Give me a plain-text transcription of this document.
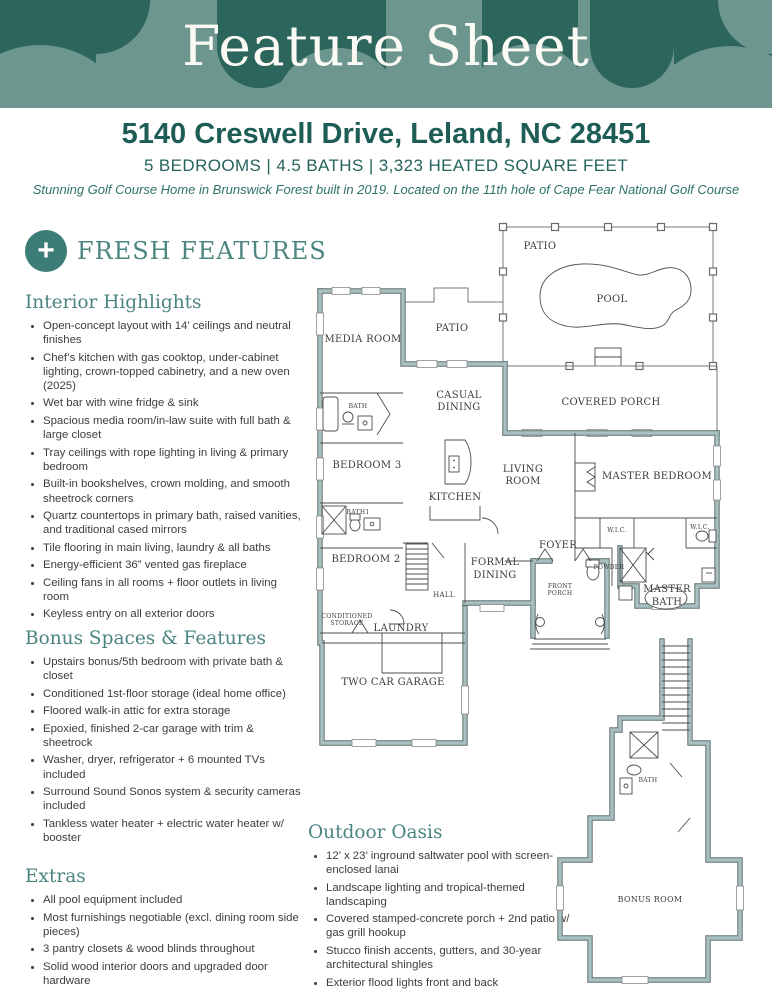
Feature Sheet
5140 Creswell Drive, Leland, NC 28451
5 BEDROOMS | 4.5 BATHS | 3,323 HEATED SQUARE FEET
Stunning Golf Course Home in Brunswick Forest built in 2019. Located on the 11th hole of Cape Fear National Golf Course
+ FRESH FEATURES
Interior Highlights
• Open-concept layout with 14’ ceilings and neutral finishes
• Chef’s kitchen with gas cooktop, under-cabinet lighting, crown-topped cabinetry, and a new oven (2025)
• Wet bar with wine fridge & sink
• Spacious media room/in-law suite with full bath & large closet
• Tray ceilings with rope lighting in living & primary bedroom
• Built-in bookshelves, crown molding, and smooth sheetrock corners
• Quartz countertops in primary bath, raised vanities, and traditional cased mirrors
• Tile flooring in main living, laundry & all baths
• Energy-efficient 36” vented gas fireplace
• Ceiling fans in all rooms + floor outlets in living room
• Keyless entry on all exterior doors
Bonus Spaces & Features
• Upstairs bonus/5th bedroom with private bath & closet
• Conditioned 1st-floor storage (ideal home office)
• Floored walk-in attic for extra storage
• Epoxied, finished 2-car garage with trim & sheetrock
• Washer, dryer, refrigerator + 6 mounted TVs included
• Surround Sound Sonos system & security cameras included
• Tankless water heater + electric water heater w/ booster
Extras
• All pool equipment included
• Most furnishings negotiable (excl. dining room side pieces)
• 3 pantry closets & wood blinds throughout
• Solid wood interior doors and upgraded door hardware
Outdoor Oasis
• 12’ x 23’ inground saltwater pool with screen-enclosed lanai
• Landscape lighting and tropical-themed landscaping
• Covered stamped-concrete porch + 2nd patio w/ gas grill hookup
• Stucco finish accents, gutters, and 30-year architectural shingles
• Exterior flood lights front and back
PATIO
POOL
PATIO
MEDIA ROOM
CASUAL
DINING	COVERED PORCH
BATH
BEDROOM 3
KITCHEN
LIVING
ROOM	MASTER BEDROOM
BATH1
W.I.C.	W.I.C.
FOYER
POWDER
BEDROOM 2	FORMAL
DINING
HALL
FRONT
PORCH	MASTER
BATH
CONDITIONED
STORAGE LAUNDRY
TWO CAR GARAGE
BATH
BONUS ROOM
